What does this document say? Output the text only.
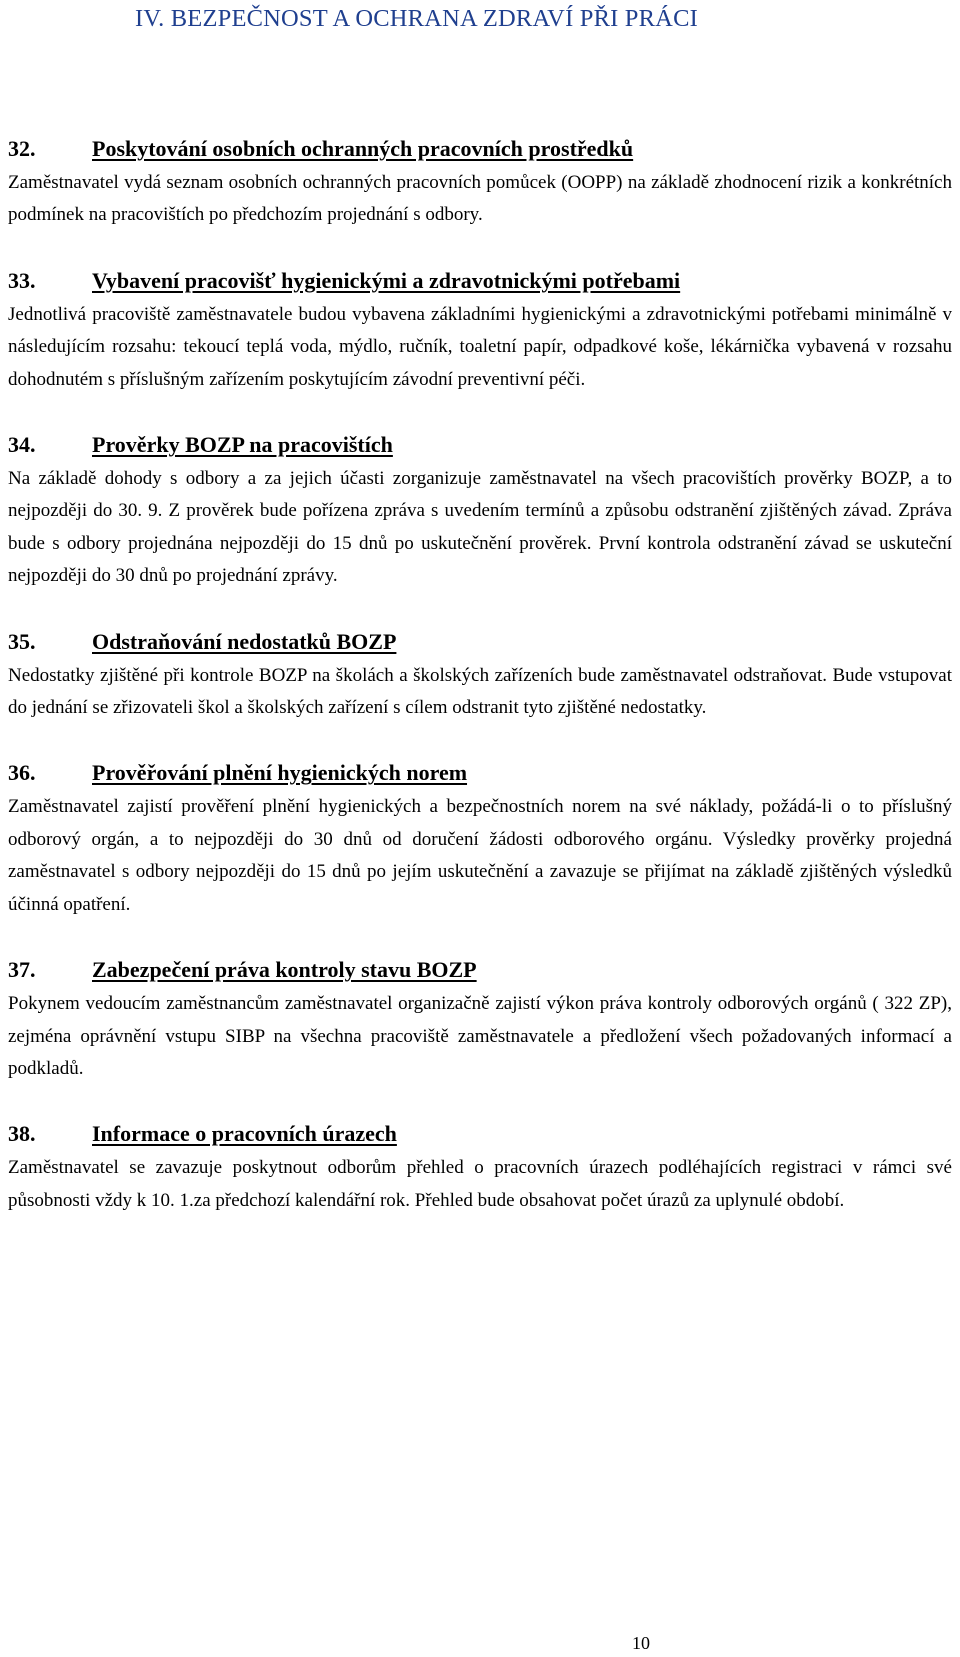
IV. BEZPEČNOST A OCHRANA ZDRAVÍ PŘI PRÁCI
32.	Poskytování osobních ochranných pracovních prostředků

Zaměstnavatel vydá seznam osobních ochranných pracovních pomůcek (OOPP) na základě zhodnocení rizik a konkrétních podmínek na pracovištích po předchozím projednání s odbory.

33.	Vybavení pracovišť hygienickými a zdravotnickými potřebami

Jednotlivá pracoviště zaměstnavatele budou vybavena základními hygienickými a zdravotnickými potřebami minimálně v následujícím rozsahu: tekoucí teplá voda, mýdlo, ručník, toaletní papír, odpadkové koše, lékárnička vybavená v rozsahu dohodnutém s příslušným zařízením poskytujícím závodní preventivní péči.

34.	Prověrky BOZP na pracovištích

Na základě dohody s odbory a za jejich účasti zorganizuje zaměstnavatel na všech pracovištích prověrky BOZP, a to nejpozději do 30. 9. Z prověrek bude pořízena zpráva s uvedením termínů a způsobu odstranění zjištěných závad. Zpráva bude s odbory projednána nejpozději do 15 dnů po uskutečnění prověrek. První kontrola odstranění závad se uskuteční nejpozději do 30 dnů po projednání zprávy.

35.	Odstraňování nedostatků BOZP

Nedostatky zjištěné při kontrole BOZP na školách a školských zařízeních bude zaměstnavatel odstraňovat. Bude vstupovat do jednání se zřizovateli škol a školských zařízení s cílem odstranit tyto zjištěné nedostatky.

36.	Prověřování plnění hygienických norem

Zaměstnavatel zajistí prověření plnění hygienických a bezpečnostních norem na své náklady, požádá-li o to příslušný odborový orgán, a to nejpozději do 30 dnů od doručení žádosti odborového orgánu. Výsledky prověrky projedná zaměstnavatel s odbory nejpozději do 15 dnů po jejím uskutečnění a zavazuje se přijímat na základě zjištěných výsledků účinná opatření.

37.	Zabezpečení práva kontroly stavu BOZP

Pokynem vedoucím zaměstnancům zaměstnavatel organizačně zajistí výkon práva kontroly odborových orgánů ( 322 ZP), zejména oprávnění vstupu SIBP na všechna pracoviště zaměstnavatele a předložení všech požadovaných informací a podkladů.

38.	Informace o pracovních úrazech

Zaměstnavatel se zavazuje poskytnout odborům přehled o pracovních úrazech podléhajících registraci v rámci své působnosti vždy k 10. 1.za předchozí kalendářní rok. Přehled bude obsahovat počet úrazů za uplynulé období.

10
